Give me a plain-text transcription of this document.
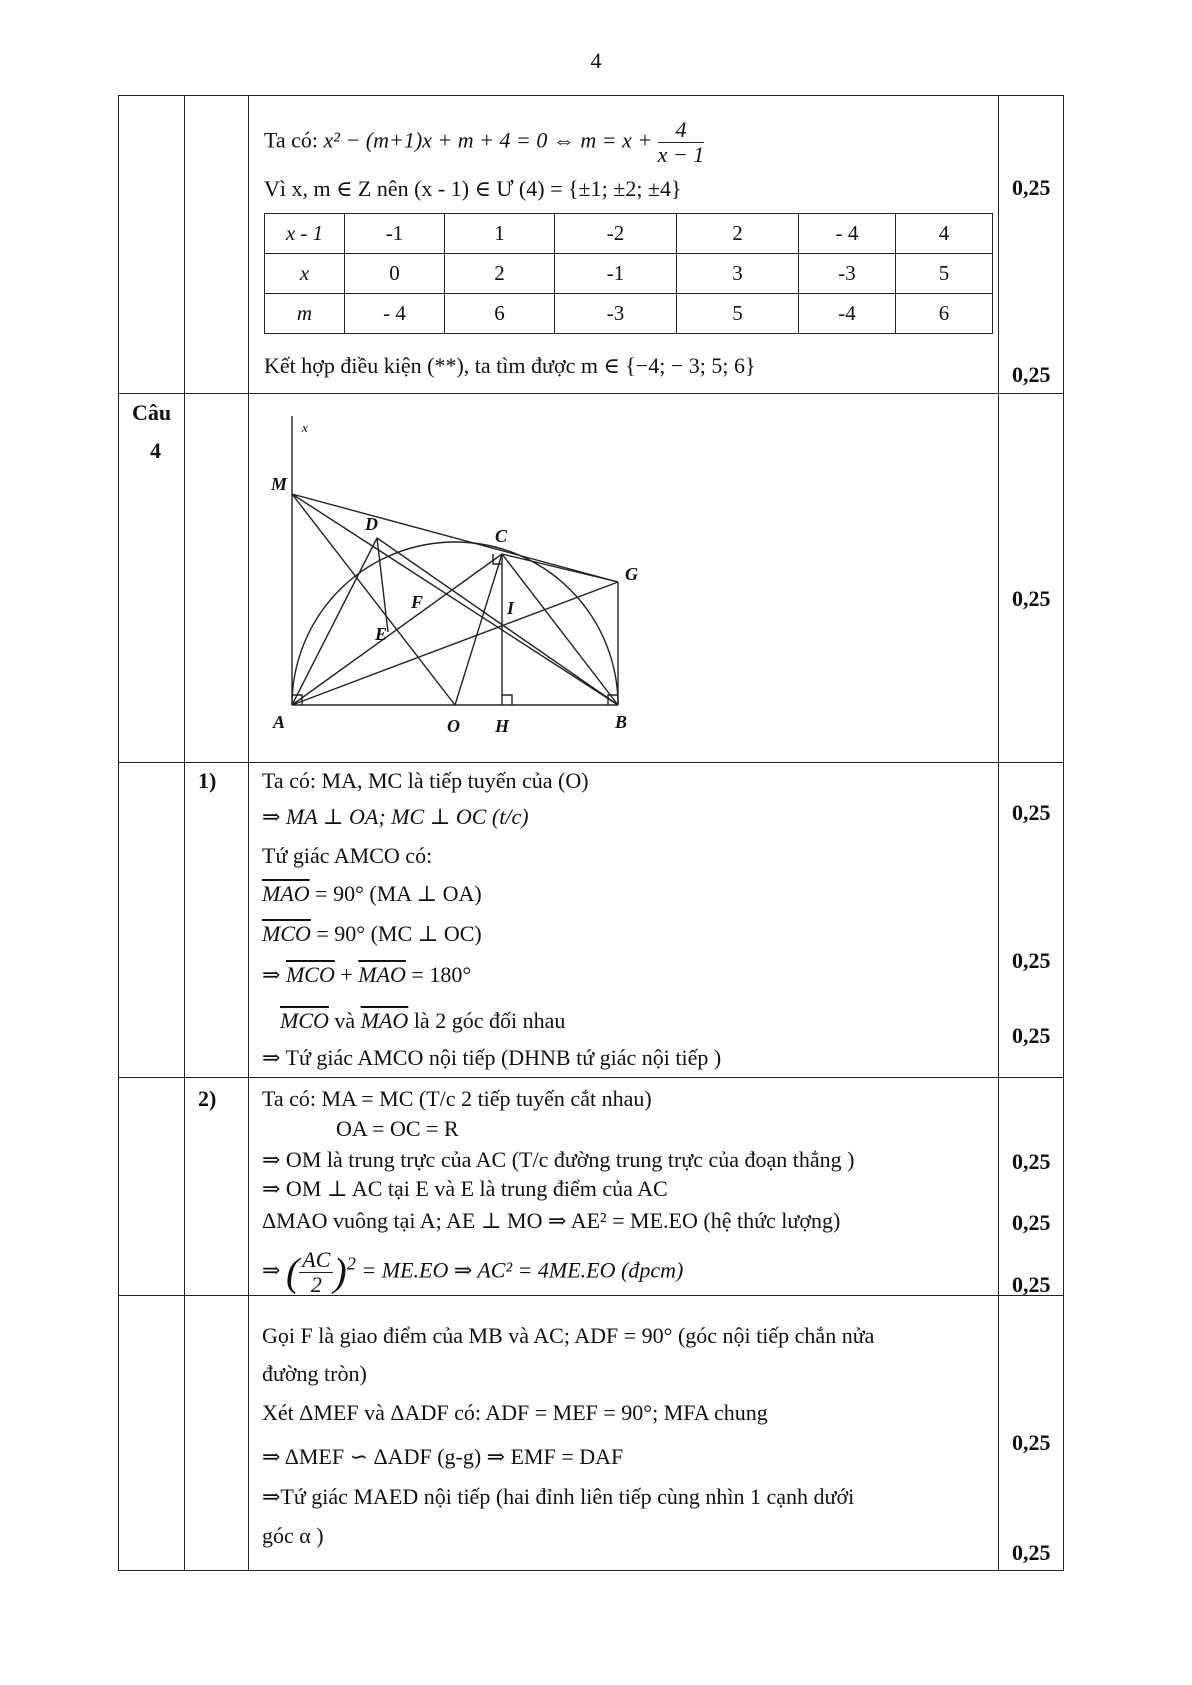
4
Ta có: x² − (m+1)x + m + 4 = 0 ⇔ $m = x + \frac{4}{x - 1}$
Vì x, m ∈ Z nên (x - 1) ∈ Ư (4) = {±1; ±2; ±4}	0,25
x - 1	-1	1	-2	2	- 4	4
x	0	2	-1	3	-3	5
m	- 4	6	-3	5	-4	6
Kết hợp điều kiện (**), ta tìm được m ∈ {−4; − 3; 5; 6}	0,25
Câu
4
x
M
D
C
G
F	I
E
A	O H	B
0,25
1) Ta có: MA, MC là tiếp tuyến của (O)
⇒ MA ⊥ OA; MC ⊥ OC (t/c)
Tứ giác AMCO có:
$\overline{MAO} = 90^\circ$ (MA ⊥ OA)
$\overline{MCO} = 90^\circ$ (MC ⊥ OC)
⇒ $\overline{MCO} + \overline{MAO} = 180^\circ$
$\overline{MCO}$ và $\overline{MAO}$ là 2 góc đối nhau
⇒ Tứ giác AMCO nội tiếp (DHNB tứ giác nội tiếp )
0,25
0,25
0,25
2) Ta có: MA = MC (T/c 2 tiếp tuyến cắt nhau)
OA = OC = R
⇒ OM là trung trực của AC (T/c đường trung trực của đoạn thẳng )
⇒ OM ⊥ AC tại E và E là trung điểm của AC
ΔMAO vuông tại A; AE ⊥ MO ⇒ AE² = ME.EO (hệ thức lượng)
⇒ ( $\frac{AC}{2} )^2 = ME.EO$ ⇒ AC² = 4ME.EO (đpcm)
0,25
0,25
0,25
Gọi F là giao điểm của MB và AC; ADF = 90° (góc nội tiếp chắn nửa
đường tròn)
Xét ΔMEF và ΔADF có: ADF = MEF = 90°; MFA chung
⇒ ΔMEF ∽ ΔADF (g-g) ⇒ EMF = DAF
⇒Tứ giác MAED nội tiếp (hai đỉnh liên tiếp cùng nhìn 1 cạnh dưới
góc α )
0,25
0,25
